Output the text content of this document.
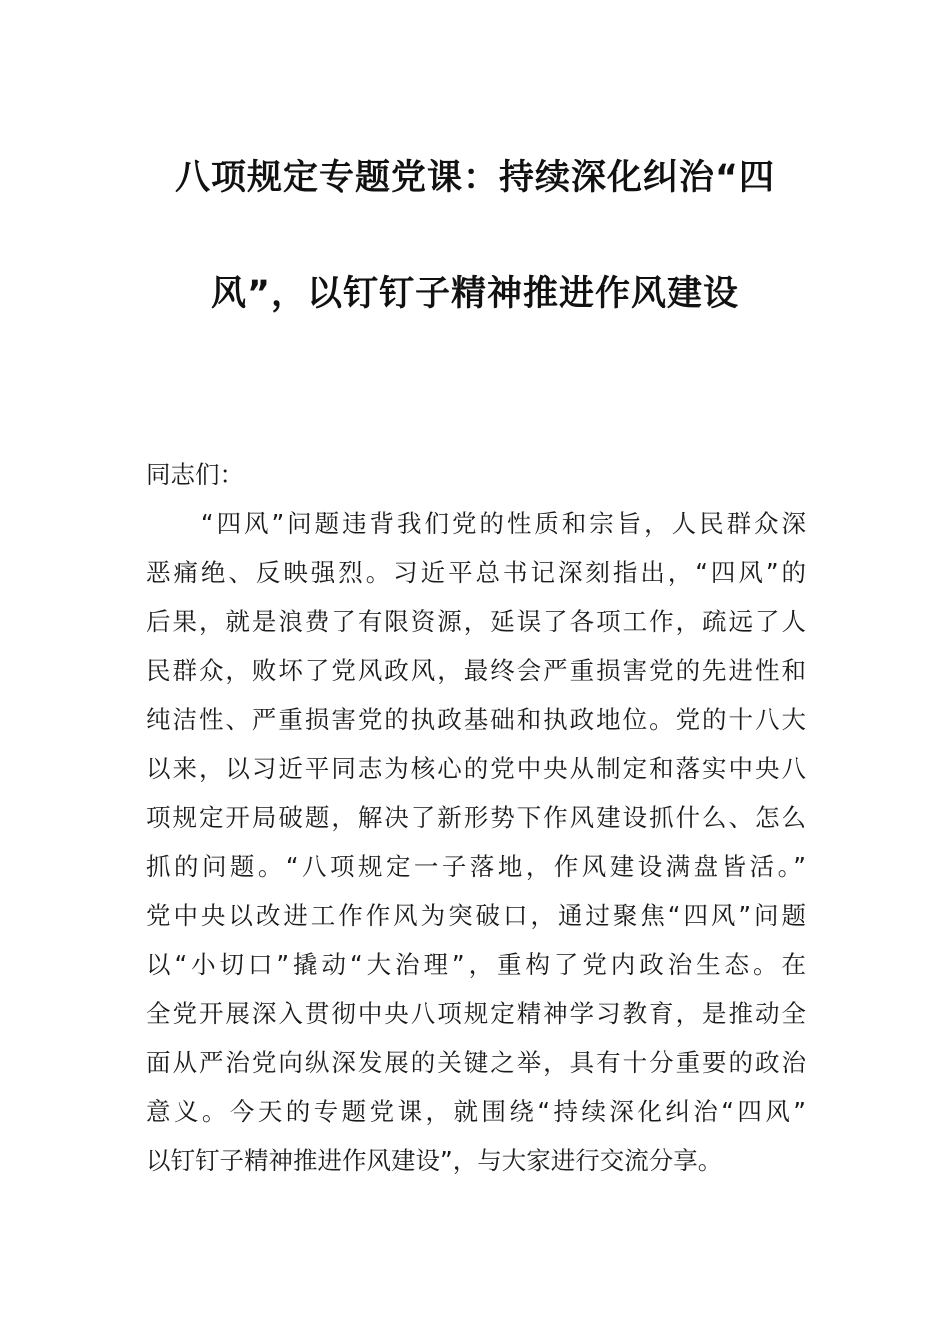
八项规定专题党课：持续深化纠治“四
风”，以钉钉子精神推进作风建设
同志们：
　　“四风”问题违背我们党的性质和宗旨，人民群众深
恶痛绝、反映强烈。习近平总书记深刻指出，“四风”的
后果，就是浪费了有限资源，延误了各项工作，疏远了人
民群众，败坏了党风政风，最终会严重损害党的先进性和
纯洁性、严重损害党的执政基础和执政地位。党的十八大
以来，以习近平同志为核心的党中央从制定和落实中央八
项规定开局破题，解决了新形势下作风建设抓什么、怎么
抓的问题。“八项规定一子落地，作风建设满盘皆活。”
党中央以改进工作作风为突破口，通过聚焦“四风”问题
以“小切口”撬动“大治理”，重构了党内政治生态。在
全党开展深入贯彻中央八项规定精神学习教育，是推动全
面从严治党向纵深发展的关键之举，具有十分重要的政治
意义。今天的专题党课，就围绕“持续深化纠治“四风”
以钉钉子精神推进作风建设”，与大家进行交流分享。
